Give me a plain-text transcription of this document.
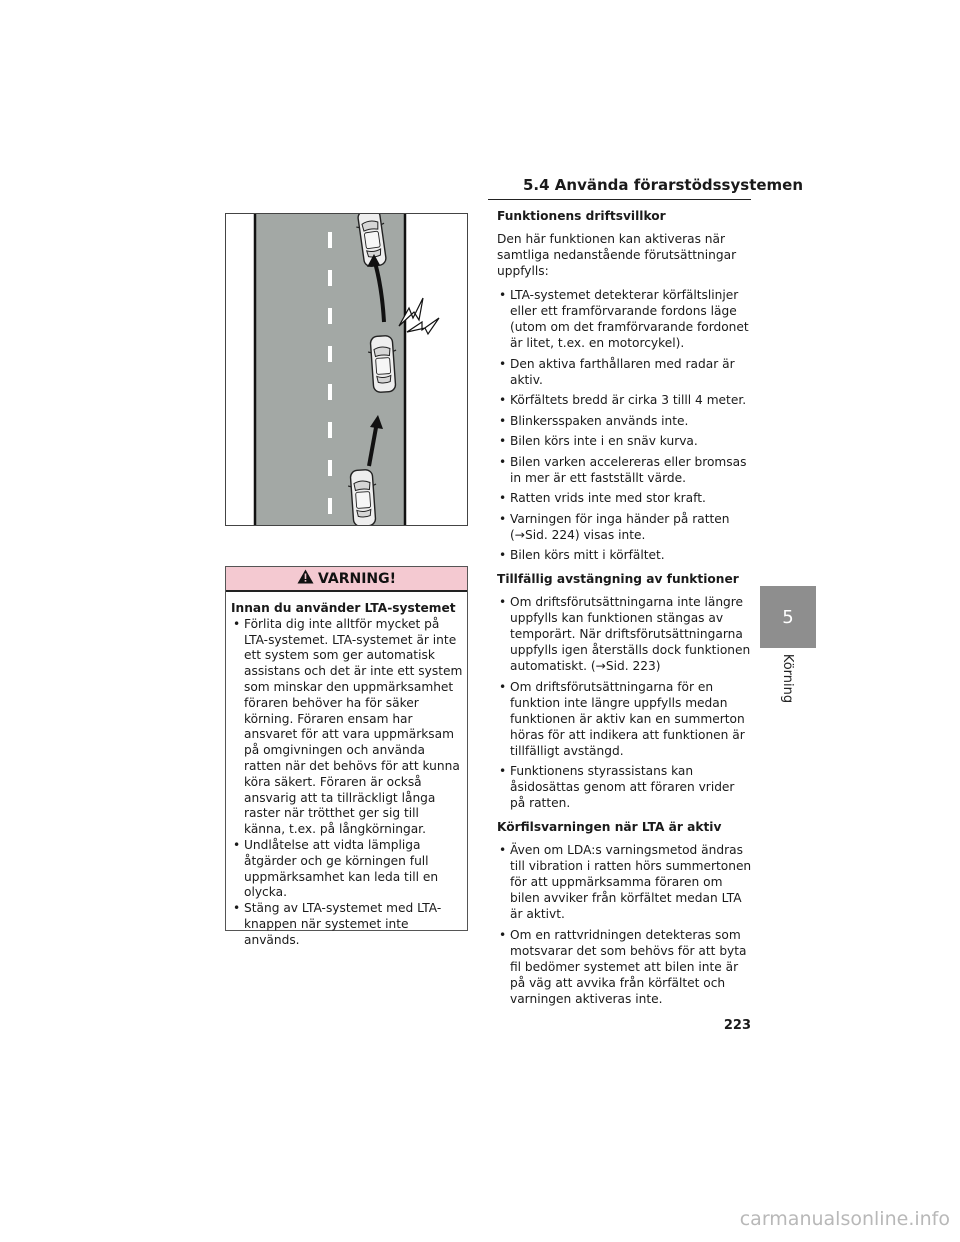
5.4 Använda förarstödssystemen
VARNING!
Innan du använder LTA-systemet
• Förlita dig inte alltför mycket på LTA-systemet. LTA-systemet är inte ett system som ger automatisk assistans och det är inte ett system som minskar den uppmärksamhet föraren behöver ha för säker körning. Föraren ensam har ansvaret för att vara uppmärksam på omgivningen och använda ratten när det behövs för att kunna köra säkert. Föraren är också ansvarig att ta tillräckligt långa raster när trötthet ger sig till känna, t.ex. på långkörningar.
• Undlåtelse att vidta lämpliga åtgärder och ge körningen full uppmärksamhet kan leda till en olycka.
• Stäng av LTA-systemet med LTA-knappen när systemet inte används.
Funktionens driftsvillkor

Den här funktionen kan aktiveras när samtliga nedanstående förutsättningar uppfylls:

• LTA-systemet detekterar körfältslinjer eller ett framförvarande fordons läge (utom om det framförvarande fordonet är litet, t.ex. en motorcykel).
• Den aktiva farthållaren med radar är aktiv.
• Körfältets bredd är cirka 3 tilll 4 meter.
• Blinkersspaken används inte.
• Bilen körs inte i en snäv kurva.
• Bilen varken accelereras eller bromsas in mer är ett fastställt värde.
• Ratten vrids inte med stor kraft.
• Varningen för inga händer på ratten (→Sid. 224) visas inte.
• Bilen körs mitt i körfältet.
Tillfällig avstängning av funktioner
• Om driftsförutsättningarna inte längre uppfylls kan funktionen stängas av temporärt. När driftsförutsättningarna uppfylls igen återställs dock funktionen automatiskt. (→Sid. 223)
• Om driftsförutsättningarna för en funktion inte längre uppfylls medan funktionen är aktiv kan en summerton höras för att indikera att funktionen är tillfälligt avstängd.
• Funktionens styrassistans kan åsidosättas genom att föraren vrider på ratten.
Körfilsvarningen när LTA är aktiv
• Även om LDA:s varningsmetod ändras till vibration i ratten hörs summertonen för att uppmärksamma föraren om bilen avviker från körfältet medan LTA är aktivt.
• Om en rattvridningen detekteras som motsvarar det som behövs för att byta fil bedömer systemet att bilen inte är på väg att avvika från körfältet och varningen aktiveras inte.
5
Körning
223
carmanualsonline.info
